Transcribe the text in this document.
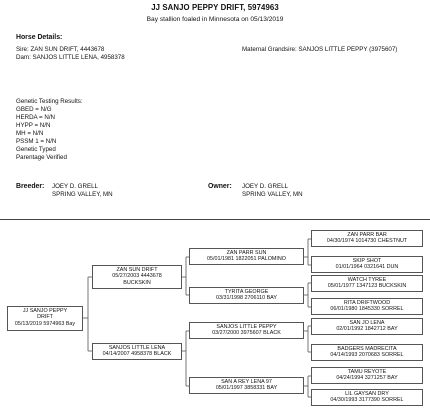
JJ SANJO PEPPY DRIFT, 5974963
Bay stallion foaled in Minnesota on 05/13/2019
Horse Details:
Sire: ZAN SUN DRIFT, 4443678
Dam: SANJOS LITTLE LENA, 4958378
Maternal Grandsire: SANJOS LITTLE PEPPY (3975607)
Genetic Testing Results:
GBED = N/G
HERDA = N/N
HYPP = N/N
MH = N/N
PSSM 1 = N/N
Genetic Typed
Parentage Verified
Breeder: JOEY D. GRELL
SPRING VALLEY, MN
Owner: JOEY D. GRELL
SPRING VALLEY, MN
JJ SANJO PEPPY
DRIFT
05/13/2019 5974963 Bay
ZAN SUN DRIFT
05/27/2003 4443678
BUCKSKIN
SANJOS LITTLE LENA
04/14/2007 4958378 BLACK
ZAN PARR SUN
05/01/1981 1822051 PALOMINO
TYRITA GEORGE
03/31/1998 2706110 BAY
SANJOS LITTLE PEPPY
03/27/2000 3975607 BLACK
SAN A REY LENA 97
05/01/1997 3858331 BAY
ZAN PARR BAR
04/30/1974 1014730 CHESTNUT
SKIP SHOT
01/01/1964 0321641 DUN
WATCH TYREE
05/01/1977 1347123 BUCKSKIN
RITA DRIFTWOOD
06/01/1980 1845330 SORREL
SAN JO LENA
02/01/1992 1842712 BAY
BADGERS MADRECITA
04/14/1993 2070683 SORREL
TAMU REYOTE
04/24/1994 3271257 BAY
LIL GAYSAN DRY
04/30/1993 3177390 SORREL
